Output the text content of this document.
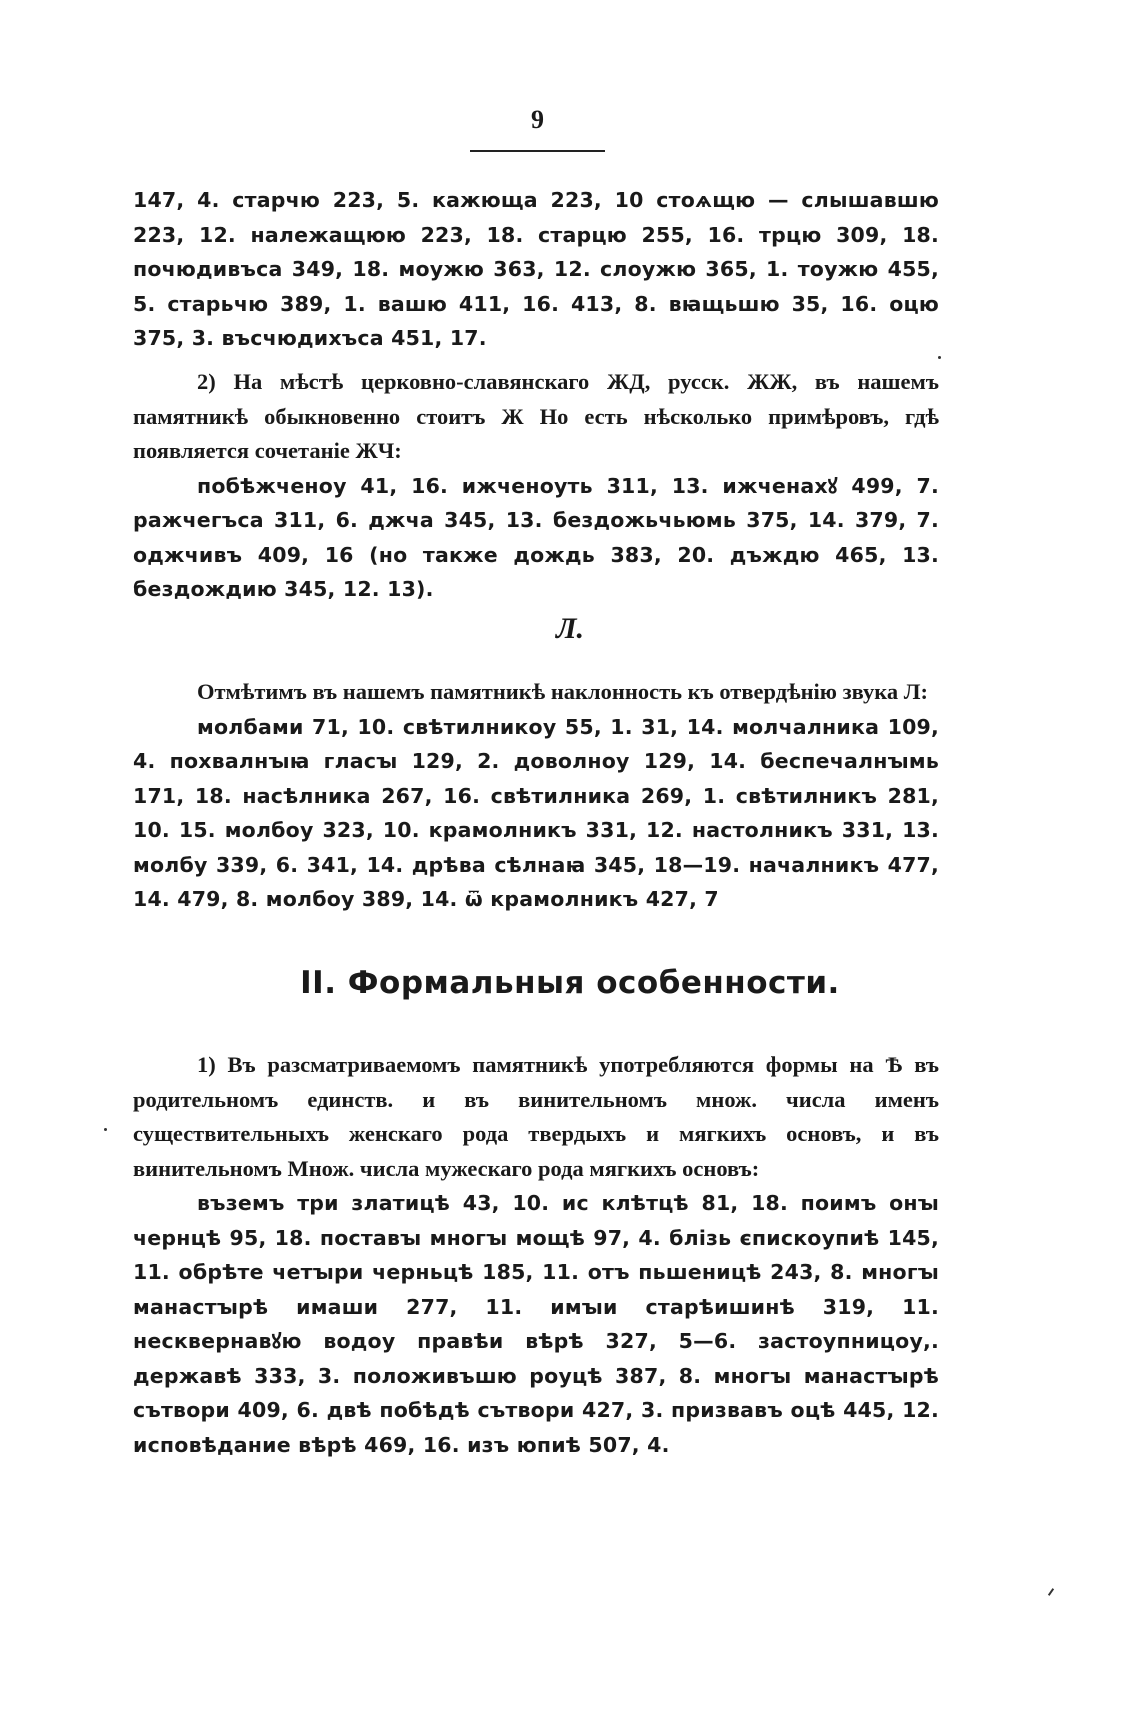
9

147, 4. старчю 223, 5. кажюща 223, 10 стоѧщю — слышавшю 223, 12. належащюю 223, 18. старцю 255, 16. трцю 309, 18. почюдивъса 349, 18. моужю 363, 12. слоужю 365, 1. тоужю 455, 5. старьчю 389, 1. вашю 411, 16. 413, 8. вꙗщьшю 35, 16. оцю 375, 3. въсчюдихъса 451, 17.

2) На мѣстѣ церковно-славянскаго ЖД, русск. ЖЖ, въ нашемъ памятникѣ обыкновенно стоитъ Ж Но есть нѣсколько примѣровъ, гдѣ появляется сочетаніе ЖЧ:

побѣжченоу 41, 16. ижченоуть 311, 13. ижченахꙋ 499, 7. ражчегъса 311, 6. джча 345, 13. бездожьчьюмь 375, 14. 379, 7. оджчивъ 409, 16 (но также дождь 383, 20. дъждю 465, 13. бездождию 345, 12. 13).

Л.

Отмѣтимъ въ нашемъ памятникѣ наклонность къ отвердѣнію звука Л:

молбами 71, 10. свѣтилникоу 55, 1. 31, 14. молчалника 109, 4. похвалнꙑꙗ гласꙑ 129, 2. доволноу 129, 14. беспечалнꙑмь 171, 18. насѣлника 267, 16. свѣтилника 269, 1. свѣтилникъ 281, 10. 15. молбоу 323, 10. крамолникъ 331, 12. настолникъ 331, 13. молбу 339, 6. 341, 14. дрѣва сѣлнаꙗ 345, 18—19. началникъ 477, 14. 479, 8. молбоу 389, 14. ѿ крамолникъ 427, 7

II. Формальныя особенности.

1) Въ разсматриваемомъ памятникѣ употребляются формы на Ѣ въ родительномъ единств. и въ винительномъ множ. числа именъ существительныхъ женскаго рода твердыхъ и мягкихъ основъ, и въ винительномъ Множ. числа мужескаго рода мягкихъ основъ:

въземъ три златицѣ 43, 10. ис клѣтцѣ 81, 18. поимъ онꙑ чернцѣ 95, 18. поставꙑ многꙑ мощѣ 97, 4. блізь єпискоупиѣ 145, 11. обрѣте четꙑри черньцѣ 185, 11. отъ пьшеницѣ 243, 8. многꙑ манастꙑрѣ имаши 277, 11. имꙑи старѣишинѣ 319, 11. несквернавꙋю водоу правѣи вѣрѣ 327, 5—6. застоупницоу,. державѣ 333, 3. положивъшю роуцѣ 387, 8. многꙑ манастꙑрѣ сътвори 409, 6. двѣ побѣдѣ сътвори 427, 3. призвавъ оцѣ 445, 12. исповѣдание вѣрѣ 469, 16. изъ юпиѣ 507, 4.
